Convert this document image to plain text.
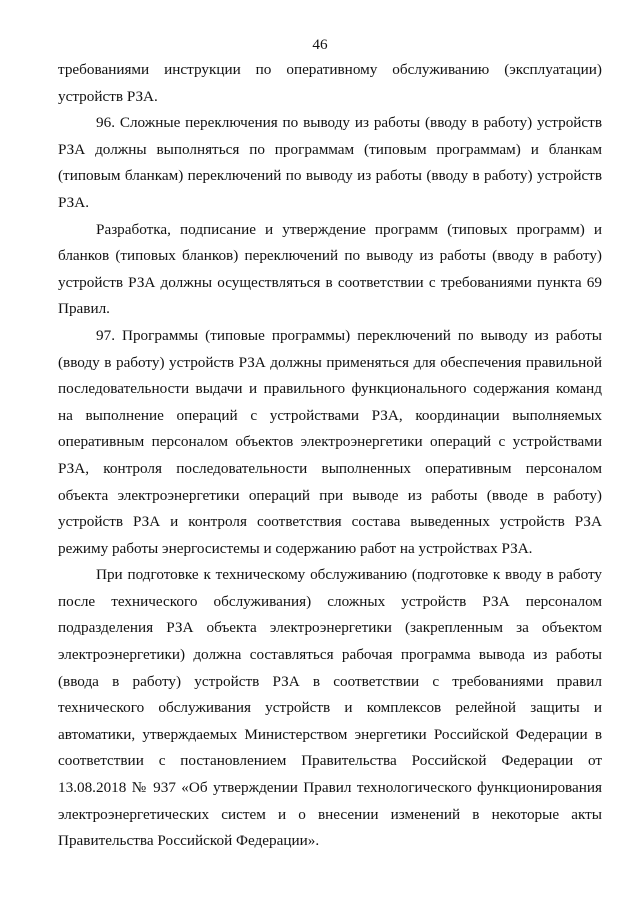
46

требованиями инструкции по оперативному обслуживанию (эксплуатации) устройств РЗА.

96. Сложные переключения по выводу из работы (вводу в работу) устройств РЗА должны выполняться по программам (типовым программам) и бланкам (типовым бланкам) переключений по выводу из работы (вводу в работу) устройств РЗА.

Разработка, подписание и утверждение программ (типовых программ) и бланков (типовых бланков) переключений по выводу из работы (вводу в работу) устройств РЗА должны осуществляться в соответствии с требованиями пункта 69 Правил.

97. Программы (типовые программы) переключений по выводу из работы (вводу в работу) устройств РЗА должны применяться для обеспечения правильной последовательности выдачи и правильного функционального содержания команд на выполнение операций с устройствами РЗА, координации выполняемых оперативным персоналом объектов электроэнергетики операций с устройствами РЗА, контроля последовательности выполненных оперативным персоналом объекта электроэнергетики операций при выводе из работы (вводе в работу) устройств РЗА и контроля соответствия состава выведенных устройств РЗА режиму работы энергосистемы и содержанию работ на устройствах РЗА.

При подготовке к техническому обслуживанию (подготовке к вводу в работу после технического обслуживания) сложных устройств РЗА персоналом подразделения РЗА объекта электроэнергетики (закрепленным за объектом электроэнергетики) должна составляться рабочая программа вывода из работы (ввода в работу) устройств РЗА в соответствии с требованиями правил технического обслуживания устройств и комплексов релейной защиты и автоматики, утверждаемых Министерством энергетики Российской Федерации в соответствии с постановлением Правительства Российской Федерации от 13.08.2018 № 937 «Об утверждении Правил технологического функционирования электроэнергетических систем и о внесении изменений в некоторые акты Правительства Российской Федерации».
